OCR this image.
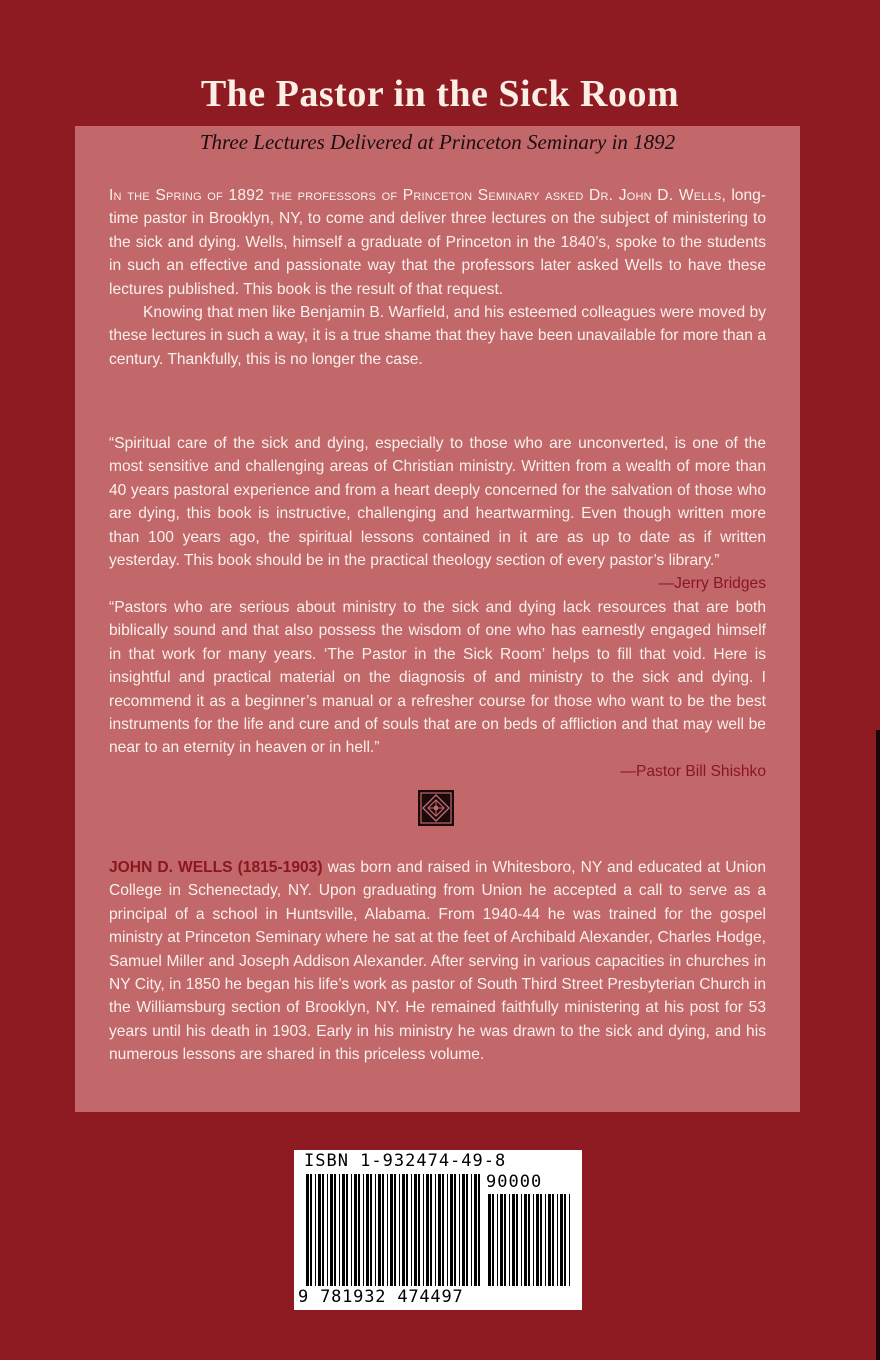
The Pastor in the Sick Room
Three Lectures Delivered at Princeton Seminary in 1892

In the Spring of 1892 the professors of Princeton Seminary asked Dr. John D. Wells, long-time pastor in Brooklyn, NY, to come and deliver three lectures on the subject of ministering to the sick and dying. Wells, himself a graduate of Princeton in the 1840’s, spoke to the students in such an effective and passionate way that the professors later asked Wells to have these lectures published. This book is the result of that request.

Knowing that men like Benjamin B. Warfield, and his esteemed colleagues were moved by these lectures in such a way, it is a true shame that they have been unavailable for more than a century. Thankfully, this is no longer the case.

“Spiritual care of the sick and dying, especially to those who are unconverted, is one of the most sensitive and challenging areas of Christian ministry. Written from a wealth of more than 40 years pastoral experience and from a heart deeply concerned for the salvation of those who are dying, this book is instructive, challenging and heartwarming. Even though written more than 100 years ago, the spiritual lessons contained in it are as up to date as if written yesterday. This book should be in the practical theology section of every pastor’s library.”
—Jerry Bridges

“Pastors who are serious about ministry to the sick and dying lack resources that are both biblically sound and that also possess the wisdom of one who has earnestly engaged himself in that work for many years. ‘The Pastor in the Sick Room’ helps to fill that void. Here is insightful and practical material on the diagnosis of and ministry to the sick and dying. I recommend it as a beginner’s manual or a refresher course for those who want to be the best instruments for the life and cure and of souls that are on beds of affliction and that may well be near to an eternity in heaven or in hell.”

—Pastor Bill Shishko

JOHN D. WELLS (1815-1903) was born and raised in Whitesboro, NY and educated at Union College in Schenectady, NY. Upon graduating from Union he accepted a call to serve as a principal of a school in Huntsville, Alabama. From 1940-44 he was trained for the gospel ministry at Princeton Seminary where he sat at the feet of Archibald Alexander, Charles Hodge, Samuel Miller and Joseph Addison Alexander. After serving in various capacities in churches in NY City, in 1850 he began his life’s work as pastor of South Third Street Presbyterian Church in the Williamsburg section of Brooklyn, NY. He remained faithfully ministering at his post for 53 years until his death in 1903. Early in his ministry he was drawn to the sick and dying, and his numerous lessons are shared in this priceless volume.

ISBN 1-932474-49-8
90000
9 781932 474497
